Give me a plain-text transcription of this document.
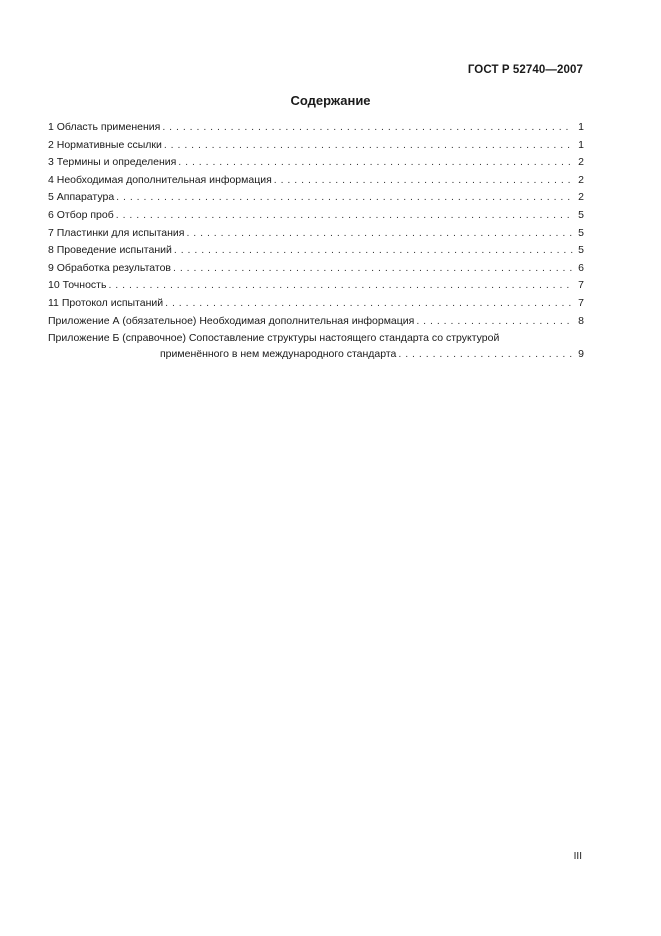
ГОСТ Р 52740—2007
Содержание
1 Область применения . . .	1
2 Нормативные ссылки . . .	1
3 Термины и определения . . .	2
4 Необходимая дополнительная информация . . .	2
5 Аппаратура . . .	2
6 Отбор проб . . .	5
7 Пластинки для испытания . . .	5
8 Проведение испытаний . . .	5
9 Обработка результатов . . .	6
10 Точность . . .	7
11 Протокол испытаний . . .	7
Приложение А (обязательное) Необходимая дополнительная информация . . .	8
Приложение Б (справочное) Сопоставление структуры настоящего стандарта со структурой
применённого в нем международного стандарта . . .	9
III
